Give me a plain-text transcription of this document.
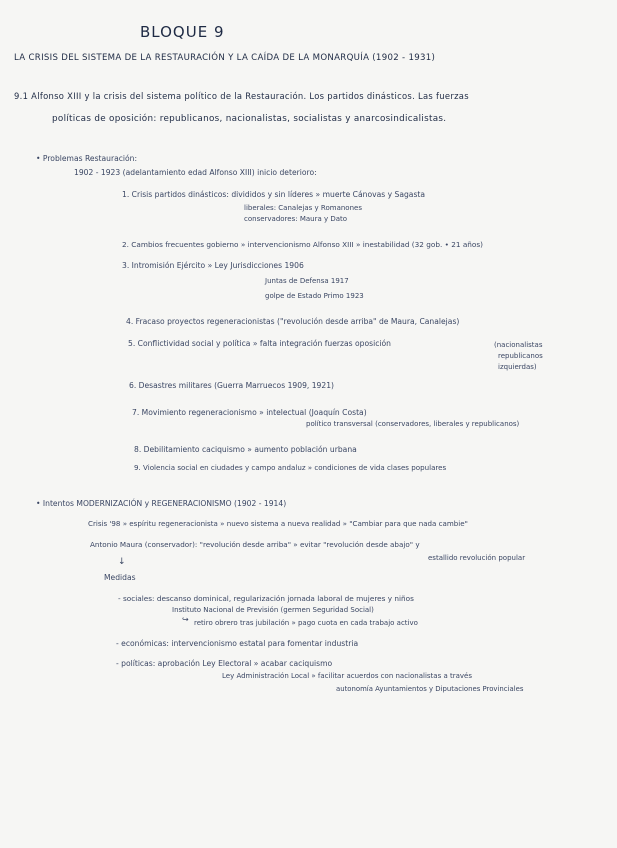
BLOQUE 9
LA CRISIS DEL SISTEMA DE LA RESTAURACIÓN Y LA CAÍDA DE LA MONARQUÍA (1902 - 1931)
9.1 Alfonso XIII y la crisis del sistema político de la Restauración. Los partidos dinásticos. Las fuerzas
políticas de oposición: republicanos, nacionalistas, socialistas y anarcosindicalistas.
• Problemas Restauración:
1902 - 1923 (adelantamiento edad Alfonso XIII) inicio deterioro:
1. Crisis partidos dinásticos: divididos y sin líderes » muerte Cánovas y Sagasta
liberales: Canalejas y Romanones
conservadores: Maura y Dato
2. Cambios frecuentes gobierno » intervencionismo Alfonso XIII » inestabilidad (32 gob. • 21 años)
3. Intromisión Ejército » Ley Jurisdicciones 1906
Juntas de Defensa 1917
golpe de Estado Primo 1923
4. Fracaso proyectos regeneracionistas ("revolución desde arriba" de Maura, Canalejas)
5. Conflictividad social y política » falta integración fuerzas oposición	(nacionalistas
republicanos
izquierdas)
6. Desastres militares (Guerra Marruecos 1909, 1921)
7. Movimiento regeneracionismo » intelectual (Joaquín Costa)
político transversal (conservadores, liberales y republicanos)
8. Debilitamiento caciquismo » aumento población urbana
9. Violencia social en ciudades y campo andaluz » condiciones de vida clases populares
• Intentos MODERNIZACIÓN y REGENERACIONISMO (1902 - 1914)
Crisis '98 » espíritu regeneracionista » nuevo sistema a nueva realidad » "Cambiar para que nada cambie"
Antonio Maura (conservador): "revolución desde arriba" » evitar "revolución desde abajo" y
estallido revolución popular
↓
Medidas
- sociales: descanso dominical, regularización jornada laboral de mujeres y niños
Instituto Nacional de Previsión (germen Seguridad Social)
↪ retiro obrero tras jubilación » pago cuota en cada trabajo activo
- económicas: intervencionismo estatal para fomentar industria
- políticas: aprobación Ley Electoral » acabar caciquismo
Ley Administración Local » facilitar acuerdos con nacionalistas a través
autonomía Ayuntamientos y Diputaciones Provinciales
